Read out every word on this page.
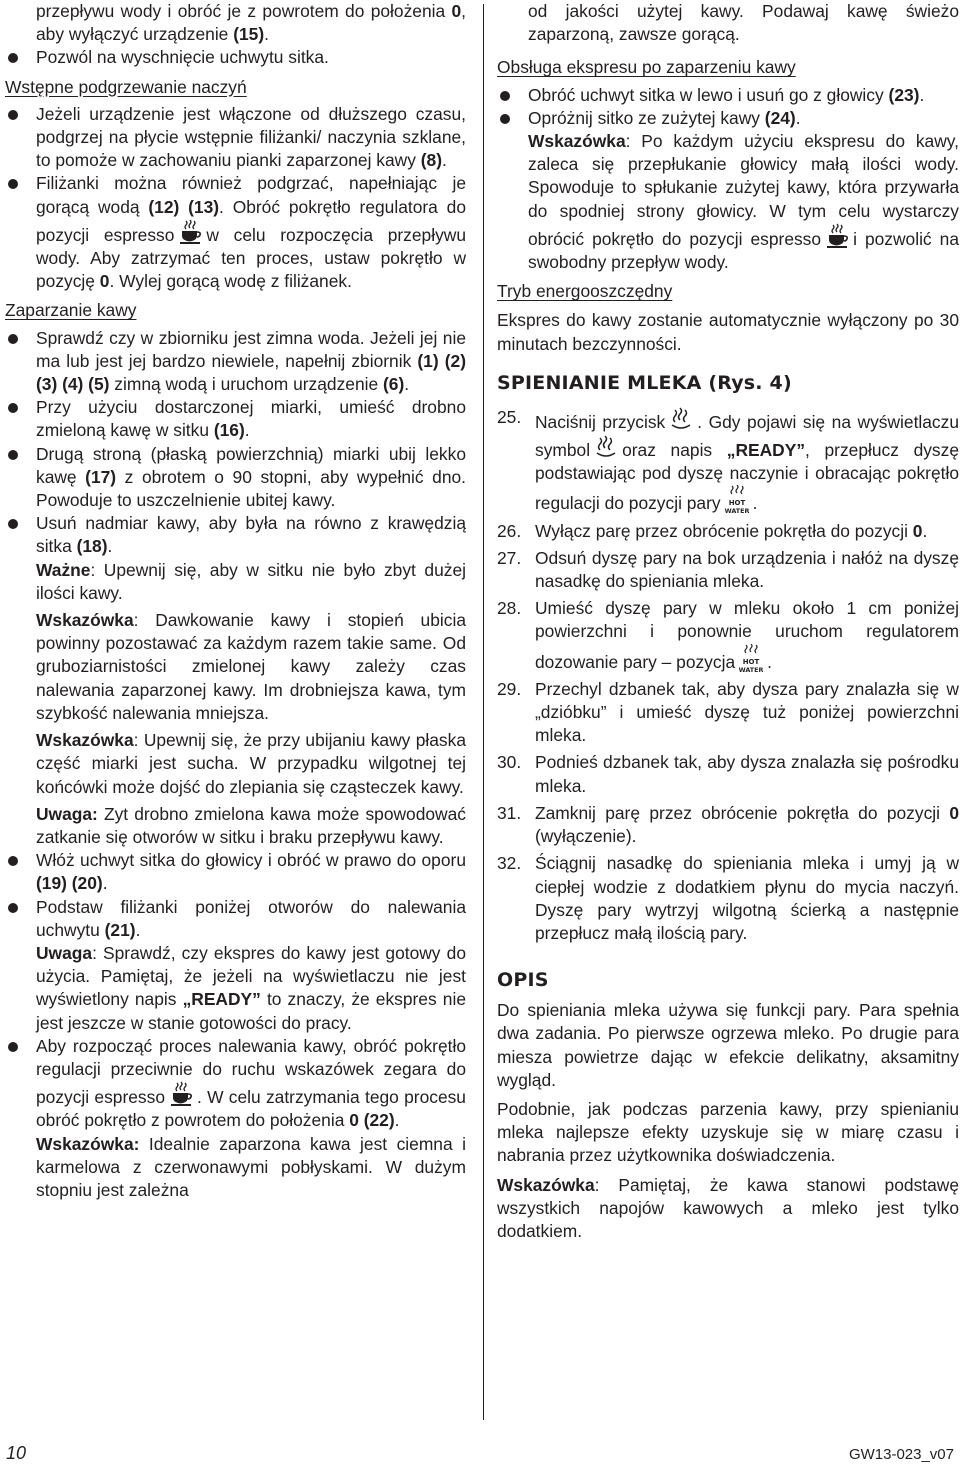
przepływu wody i obróć je z powrotem do położenia 0, aby wyłączyć urządzenie (15).

Pozwól na wyschnięcie uchwytu sitka.
Wstępne podgrzewanie naczyń
Jeżeli urządzenie jest włączone od dłuższego czasu, podgrzej na płycie wstępnie filiżanki/ naczynia szklane, to pomoże w zachowaniu pianki zaparzonej kawy (8).
Filiżanki można również podgrzać, napełniając je gorącą wodą (12) (13). Obróć pokrętło regulatora do pozycji espresso w celu rozpoczęcia przepływu wody. Aby zatrzymać ten proces, ustaw pokrętło w pozycję 0. Wylej gorącą wodę z filiżanek.
Zaparzanie kawy
Sprawdź czy w zbiorniku jest zimna woda. Jeżeli jej nie ma lub jest jej bardzo niewiele, napełnij zbiornik (1) (2) (3) (4) (5) zimną wodą i uruchom urządzenie (6).
Przy użyciu dostarczonej miarki, umieść drobno zmieloną kawę w sitku (16).
Drugą stroną (płaską powierzchnią) miarki ubij lekko kawę (17) z obrotem o 90 stopni, aby wypełnić dno. Powoduje to uszczelnienie ubitej kawy.
Usuń nadmiar kawy, aby była na równo z krawędzią sitka (18).

Ważne: Upewnij się, aby w sitku nie było zbyt dużej ilości kawy.

Wskazówka: Dawkowanie kawy i stopień ubicia powinny pozostawać za każdym razem takie same. Od gruboziarnistości zmielonej kawy zależy czas nalewania zaparzonej kawy. Im drobniejsza kawa, tym szybkość nalewania mniejsza.

Wskazówka: Upewnij się, że przy ubijaniu kawy płaska część miarki jest sucha. W przypadku wilgotnej tej końcówki może dojść do zlepiania się cząsteczek kawy.

Uwaga: Zyt drobno zmielona kawa może spowodować zatkanie się otworów w sitku i braku przepływu kawy.

Włóż uchwyt sitka do głowicy i obróć w prawo do oporu (19) (20).
Podstaw filiżanki poniżej otworów do nalewania uchwytu (21).

Uwaga: Sprawdź, czy ekspres do kawy jest gotowy do użycia. Pamiętaj, że jeżeli na wyświetlaczu nie jest wyświetlony napis „READY” to znaczy, że ekspres nie jest jeszcze w stanie gotowości do pracy.

Aby rozpocząć proces nalewania kawy, obróć pokrętło regulacji przeciwnie do ruchu wskazówek zegara do pozycji espresso . W celu zatrzymania tego procesu obróć pokrętło z powrotem do położenia 0 (22).

Wskazówka: Idealnie zaparzona kawa jest ciemna i karmelowa z czerwonawymi pobłyskami. W dużym stopniu jest zależna

od jakości użytej kawy. Podawaj kawę świeżo zaparzoną, zawsze gorącą.

Obsługa ekspresu po zaparzeniu kawy
Obróć uchwyt sitka w lewo i usuń go z głowicy (23).
Opróżnij sitko ze zużytej kawy (24).

Wskazówka: Po każdym użyciu ekspresu do kawy, zaleca się przepłukanie głowicy małą ilości wody. Spowoduje to spłukanie zużytej kawy, która przywarła do spodniej strony głowicy. W tym celu wystarczy obrócić pokrętło do pozycji espresso i pozwolić na swobodny przepływ wody.

Tryb energooszczędny

Ekspres do kawy zostanie automatycznie wyłączony po 30 minutach bezczynności.

SPIENIANIE MLEKA (Rys. 4)
25. Naciśnij przycisk . Gdy pojawi się na wyświetlaczu symbol oraz napis „READY”, przepłucz dyszę podstawiając pod dyszę naczynie i obracając pokrętło regulacji do pozycji pary HOT
WATER .
26. Wyłącz parę przez obrócenie pokrętła do pozycji 0.
27. Odsuń dyszę pary na bok urządzenia i nałóż na dyszę nasadkę do spieniania mleka.
28. Umieść dyszę pary w mleku około 1 cm poniżej powierzchni i ponownie uruchom regulatorem dozowanie pary – pozycja HOT
WATER .
29. Przechyl dzbanek tak, aby dysza pary znalazła się w „dzióbku” i umieść dyszę tuż poniżej powierzchni mleka.
30. Podnieś dzbanek tak, aby dysza znalazła się pośrodku mleka.
31. Zamknij parę przez obrócenie pokrętła do pozycji 0 (wyłączenie).
32. Ściągnij nasadkę do spieniania mleka i umyj ją w ciepłej wodzie z dodatkiem płynu do mycia naczyń. Dyszę pary wytrzyj wilgotną ścierką a następnie przepłucz małą ilością pary.
OPIS

Do spieniania mleka używa się funkcji pary. Para spełnia dwa zadania. Po pierwsze ogrzewa mleko. Po drugie para miesza powietrze dając w efekcie delikatny, aksamitny wygląd.

Podobnie, jak podczas parzenia kawy, przy spienianiu mleka najlepsze efekty uzyskuje się w miarę czasu i nabrania przez użytkownika doświadczenia.

Wskazówka: Pamiętaj, że kawa stanowi podstawę wszystkich napojów kawowych a mleko jest tylko dodatkiem.

10	GW13-023_v07
